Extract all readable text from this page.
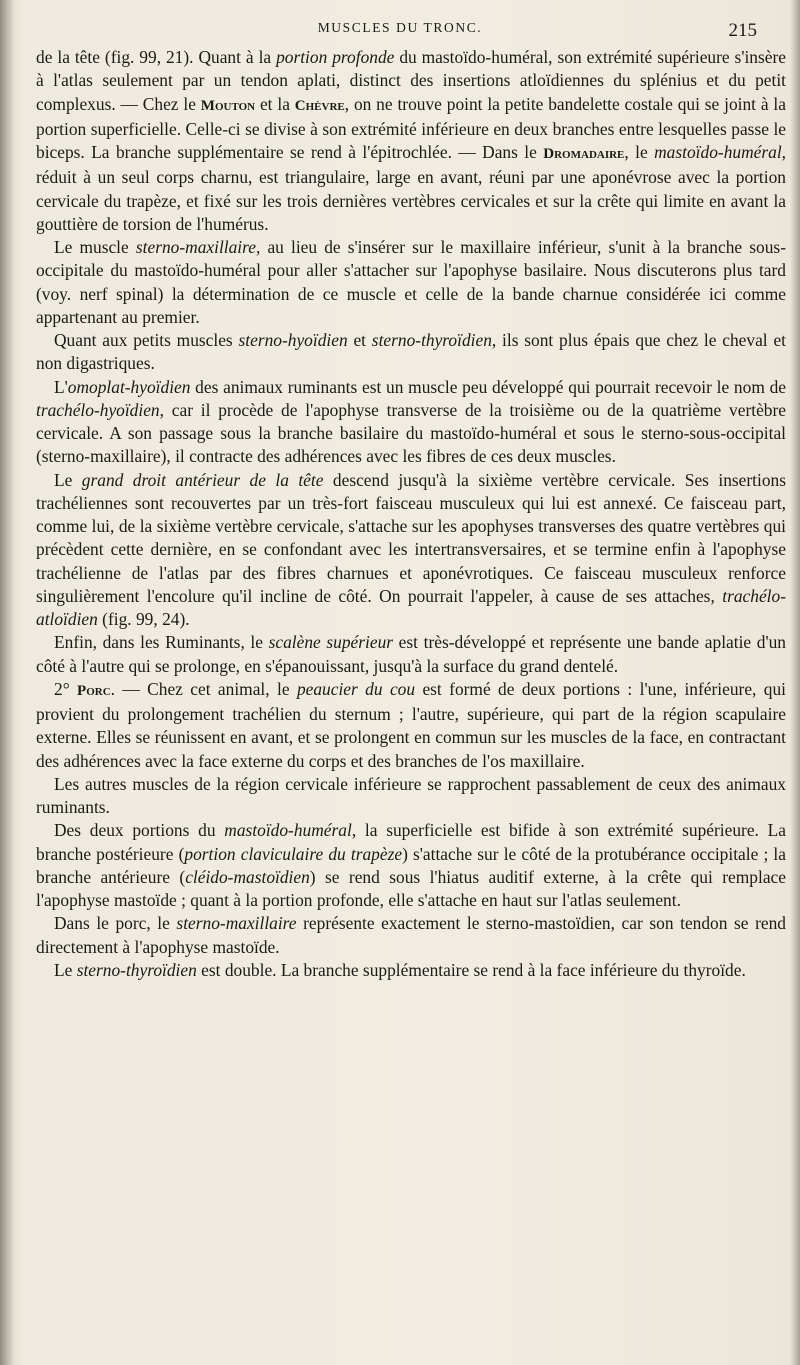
MUSCLES DU TRONC.	215

de la tête (fig. 99, 21). Quant à la portion profonde du mastoïdo-huméral, son extrémité supérieure s'insère à l'atlas seulement par un tendon aplati, distinct des insertions atloïdiennes du splénius et du petit complexus. — Chez le Mouton et la Chèvre, on ne trouve point la petite bandelette costale qui se joint à la portion superficielle. Celle-ci se divise à son extrémité inférieure en deux branches entre lesquelles passe le biceps. La branche supplémentaire se rend à l'épitrochlée. — Dans le Dromadaire, le mastoïdo-huméral, réduit à un seul corps charnu, est triangulaire, large en avant, réuni par une aponévrose avec la portion cervicale du trapèze, et fixé sur les trois dernières vertèbres cervicales et sur la crête qui limite en avant la gouttière de torsion de l'humérus.

Le muscle sterno-maxillaire, au lieu de s'insérer sur le maxillaire inférieur, s'unit à la branche sous-occipitale du mastoïdo-huméral pour aller s'attacher sur l'apophyse basilaire. Nous discuterons plus tard (voy. nerf spinal) la détermination de ce muscle et celle de la bande charnue considérée ici comme appartenant au premier.

Quant aux petits muscles sterno-hyoïdien et sterno-thyroïdien, ils sont plus épais que chez le cheval et non digastriques.

L'omoplat-hyoïdien des animaux ruminants est un muscle peu développé qui pourrait recevoir le nom de trachélo-hyoïdien, car il procède de l'apophyse transverse de la troisième ou de la quatrième vertèbre cervicale. A son passage sous la branche basilaire du mastoïdo-huméral et sous le sterno-sous-occipital (sterno-maxillaire), il contracte des adhérences avec les fibres de ces deux muscles.

Le grand droit antérieur de la tête descend jusqu'à la sixième vertèbre cervicale. Ses insertions trachéliennes sont recouvertes par un très-fort faisceau musculeux qui lui est annexé. Ce faisceau part, comme lui, de la sixième vertèbre cervicale, s'attache sur les apophyses transverses des quatre vertèbres qui précèdent cette dernière, en se confondant avec les intertransversaires, et se termine enfin à l'apophyse trachélienne de l'atlas par des fibres charnues et aponévrotiques. Ce faisceau musculeux renforce singulièrement l'encolure qu'il incline de côté. On pourrait l'appeler, à cause de ses attaches, trachélo-atloïdien (fig. 99, 24).

Enfin, dans les Ruminants, le scalène supérieur est très-développé et représente une bande aplatie d'un côté à l'autre qui se prolonge, en s'épanouissant, jusqu'à la surface du grand dentelé.

2° Porc. — Chez cet animal, le peaucier du cou est formé de deux portions : l'une, inférieure, qui provient du prolongement trachélien du sternum ; l'autre, supérieure, qui part de la région scapulaire externe. Elles se réunissent en avant, et se prolongent en commun sur les muscles de la face, en contractant des adhérences avec la face externe du corps et des branches de l'os maxillaire.

Les autres muscles de la région cervicale inférieure se rapprochent passablement de ceux des animaux ruminants.

Des deux portions du mastoïdo-huméral, la superficielle est bifide à son extrémité supérieure. La branche postérieure (portion claviculaire du trapèze) s'attache sur le côté de la protubérance occipitale ; la branche antérieure (cléido-mastoïdien) se rend sous l'hiatus auditif externe, à la crête qui remplace l'apophyse mastoïde ; quant à la portion profonde, elle s'attache en haut sur l'atlas seulement.

Dans le porc, le sterno-maxillaire représente exactement le sterno-mastoïdien, car son tendon se rend directement à l'apophyse mastoïde.

Le sterno-thyroïdien est double. La branche supplémentaire se rend à la face inférieure du thyroïde.
